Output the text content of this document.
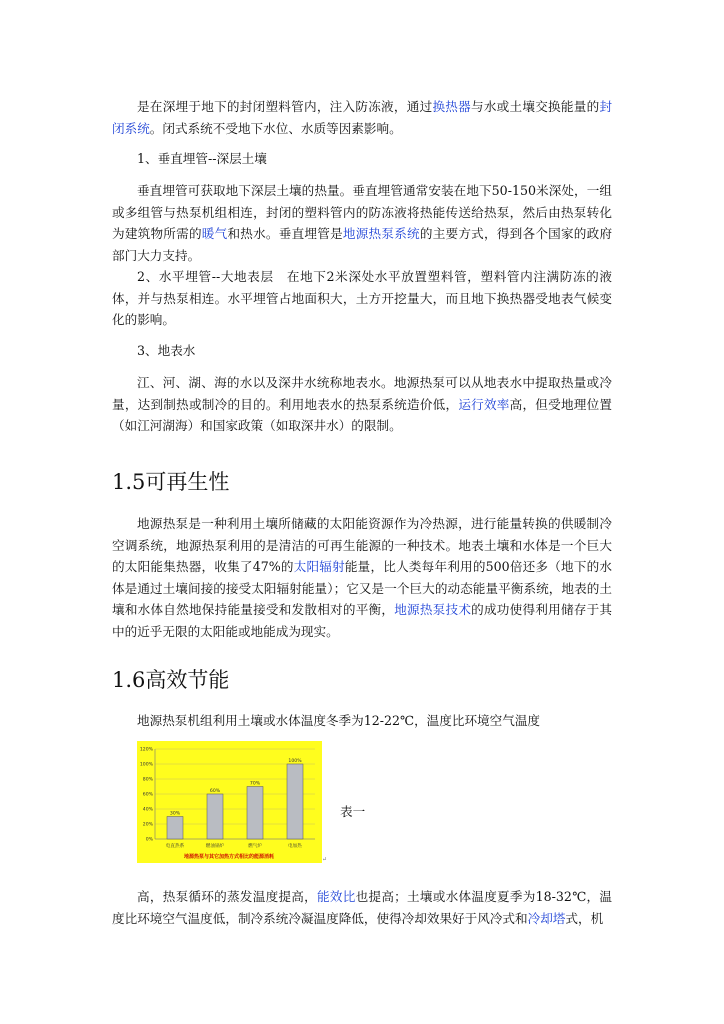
是在深埋于地下的封闭塑料管内，注入防冻液，通过换热器与水或土壤交换能量的封闭系统。闭式系统不受地下水位、水质等因素影响。

1、垂直埋管--深层土壤

垂直埋管可获取地下深层土壤的热量。垂直埋管通常安装在地下50-150米深处，一组或多组管与热泵机组相连，封闭的塑料管内的防冻液将热能传送给热泵，然后由热泵转化为建筑物所需的暖气和热水。垂直埋管是地源热泵系统的主要方式，得到各个国家的政府部门大力支持。

2、水平埋管--大地表层　在地下2米深处水平放置塑料管，塑料管内注满防冻的液体，并与热泵相连。水平埋管占地面积大，土方开挖量大，而且地下换热器受地表气候变化的影响。

3、地表水

江、河、湖、海的水以及深井水统称地表水。地源热泵可以从地表水中提取热量或冷量，达到制热或制冷的目的。利用地表水的热泵系统造价低，运行效率高，但受地理位置（如江河湖海）和国家政策（如取深井水）的限制。

1.5可再生性

地源热泵是一种利用土壤所储藏的太阳能资源作为冷热源，进行能量转换的供暖制冷空调系统，地源热泵利用的是清洁的可再生能源的一种技术。地表土壤和水体是一个巨大的太阳能集热器，收集了47%的太阳辐射能量，比人类每年利用的500倍还多（地下的水体是通过土壤间接的接受太阳辐射能量）；它又是一个巨大的动态能量平衡系统，地表的土壤和水体自然地保持能量接受和发散相对的平衡，地源热泵技术的成功使得利用储存于其中的近乎无限的太阳能或地能成为现实。

1.6高效节能

地源热泵机组利用土壤或水体温度冬季为12-22℃，温度比环境空气温度

0%
20%
40%
60%
80%
100%
120%
30%
电直热系
60%
燃油锅炉
70%
燃气炉
100%
电加热
地源热泵与其它加热方式相比的能源消耗
表一
↵

高，热泵循环的蒸发温度提高，能效比也提高；土壤或水体温度夏季为18-32℃，温度比环境空气温度低，制冷系统冷凝温度降低，使得冷却效果好于风冷式和冷却塔式，机
